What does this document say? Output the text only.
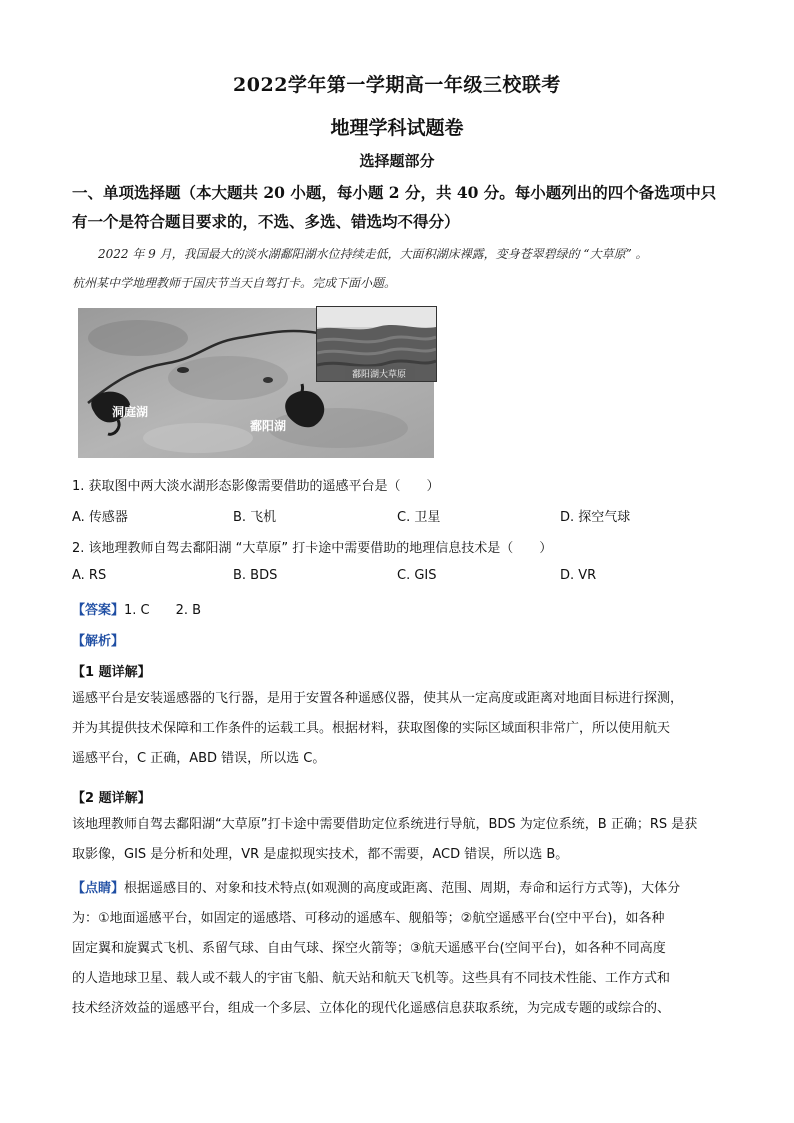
2022学年第一学期高一年级三校联考
地理学科试题卷
选择题部分
一、单项选择题（本大题共 20 小题，每小题 2 分，共 40 分。每小题列出的四个备选项中只
有一个是符合题目要求的，不选、多选、错选均不得分）
2022 年 9 月，我国最大的淡水湖鄱阳湖水位持续走低，大面积湖床裸露，变身苍翠碧绿的 “大草原” 。
杭州某中学地理教师于国庆节当天自驾打卡。完成下面小题。
洞庭湖
鄱阳湖
鄱阳湖大草原
1. 获取图中两大淡水湖形态影像需要借助的遥感平台是（　　）
A. 传感器	B. 飞机	C. 卫星	D. 探空气球
2. 该地理教师自驾去鄱阳湖 “大草原” 打卡途中需要借助的地理信息技术是（　　）
A. RS	B. BDS	C. GIS	D. VR
【答案】1. C　　2. B
【解析】
【1 题详解】
遥感平台是安装遥感器的飞行器，是用于安置各种遥感仪器，使其从一定高度或距离对地面目标进行探测，
并为其提供技术保障和工作条件的运载工具。根据材料，获取图像的实际区域面积非常广，所以使用航天
遥感平台，C 正确，ABD 错误，所以选 C。
【2 题详解】
该地理教师自驾去鄱阳湖“大草原”打卡途中需要借助定位系统进行导航，BDS 为定位系统，B 正确；RS 是获
取影像，GIS 是分析和处理，VR 是虚拟现实技术，都不需要，ACD 错误，所以选 B。
【点睛】根据遥感目的、对象和技术特点(如观测的高度或距离、范围、周期，寿命和运行方式等)，大体分
为：①地面遥感平台，如固定的遥感塔、可移动的遥感车、舰船等；②航空遥感平台(空中平台)，如各种
固定翼和旋翼式飞机、系留气球、自由气球、探空火箭等；③航天遥感平台(空间平台)，如各种不同高度
的人造地球卫星、载人或不载人的宇宙飞船、航天站和航天飞机等。这些具有不同技术性能、工作方式和
技术经济效益的遥感平台，组成一个多层、立体化的现代化遥感信息获取系统，为完成专题的或综合的、
